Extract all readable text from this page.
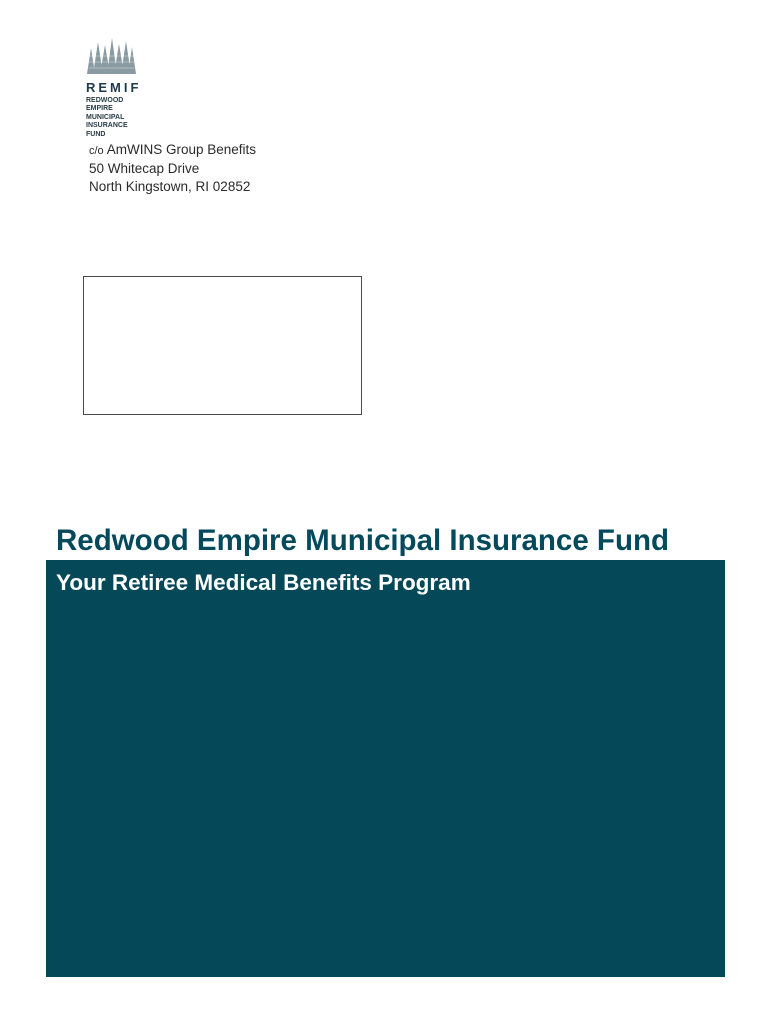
REMIF
REDWOOD
EMPIRE
MUNICIPAL
INSURANCE
FUND
c/o AmWINS Group Benefits
50 Whitecap Drive
North Kingstown, RI 02852
Redwood Empire Municipal Insurance Fund
Your Retiree Medical Benefits Program
